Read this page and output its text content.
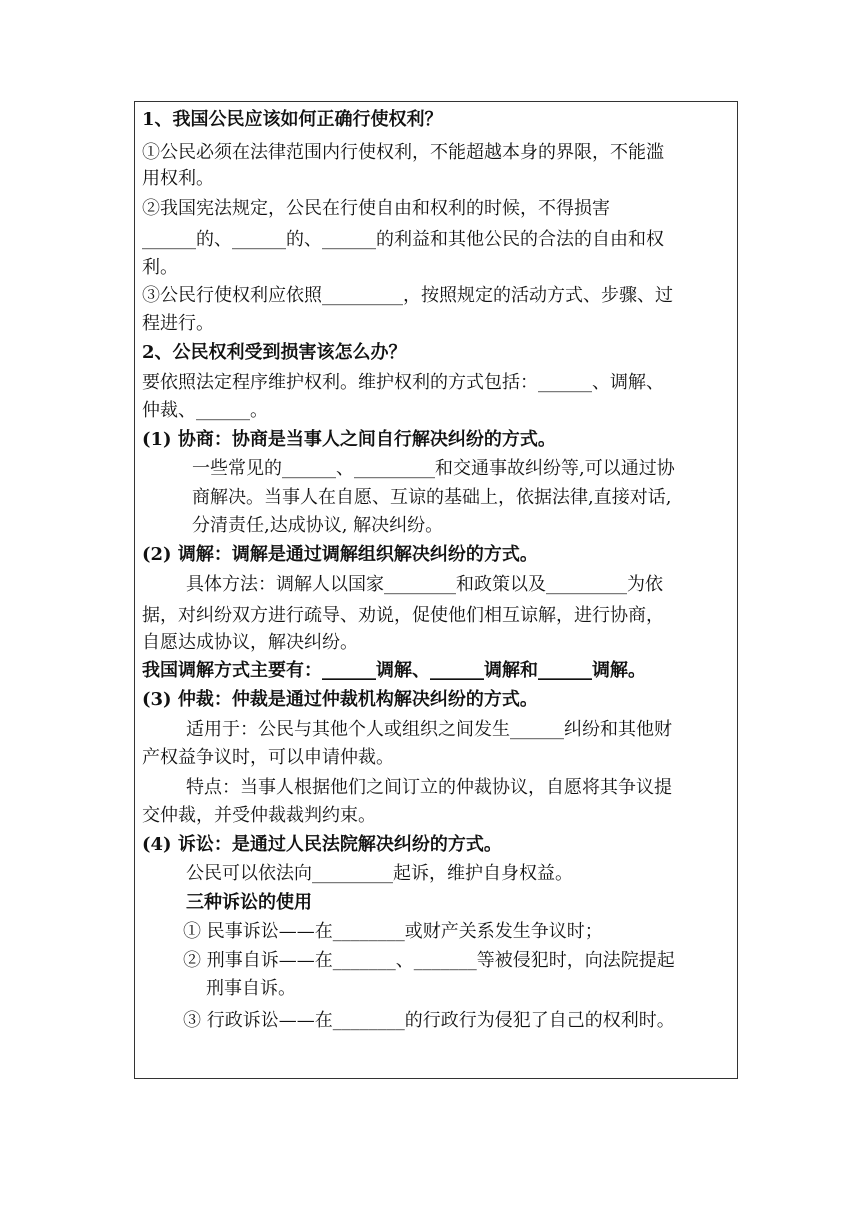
1、我国公民应该如何正确行使权利？
①公民必须在法律范围内行使权利，不能超越本身的界限，不能滥
用权利。
②我国宪法规定，公民在行使自由和权利的时候，不得损害
______的、______的、______的利益和其他公民的合法的自由和权
利。
③公民行使权利应依照_________，按照规定的活动方式、步骤、过
程进行。
2、公民权利受到损害该怎么办？
要依照法定程序维护权利。维护权利的方式包括：______、调解、
仲裁、______。
(1) 协商：协商是当事人之间自行解决纠纷的方式。
一些常见的______、_________和交通事故纠纷等,可以通过协
商解决。当事人在自愿、互谅的基础上，依据法律,直接对话,
分清责任,达成协议, 解决纠纷。
(2) 调解：调解是通过调解组织解决纠纷的方式。
具体方法：调解人以国家________和政策以及_________为依
据，对纠纷双方进行疏导、劝说，促使他们相互谅解，进行协商，
自愿达成协议，解决纠纷。
我国调解方式主要有：______调解、______调解和______调解。
(3) 仲裁：仲裁是通过仲裁机构解决纠纷的方式。
适用于：公民与其他个人或组织之间发生______纠纷和其他财
产权益争议时，可以申请仲裁。
特点：当事人根据他们之间订立的仲裁协议，自愿将其争议提
交仲裁，并受仲裁裁判约束。
(4) 诉讼：是通过人民法院解决纠纷的方式。
公民可以依法向_________起诉，维护自身权益。
三种诉讼的使用
① 民事诉讼——在________或财产关系发生争议时；
② 刑事自诉——在_______、_______等被侵犯时，向法院提起
刑事自诉。
③ 行政诉讼——在________的行政行为侵犯了自己的权利时。
